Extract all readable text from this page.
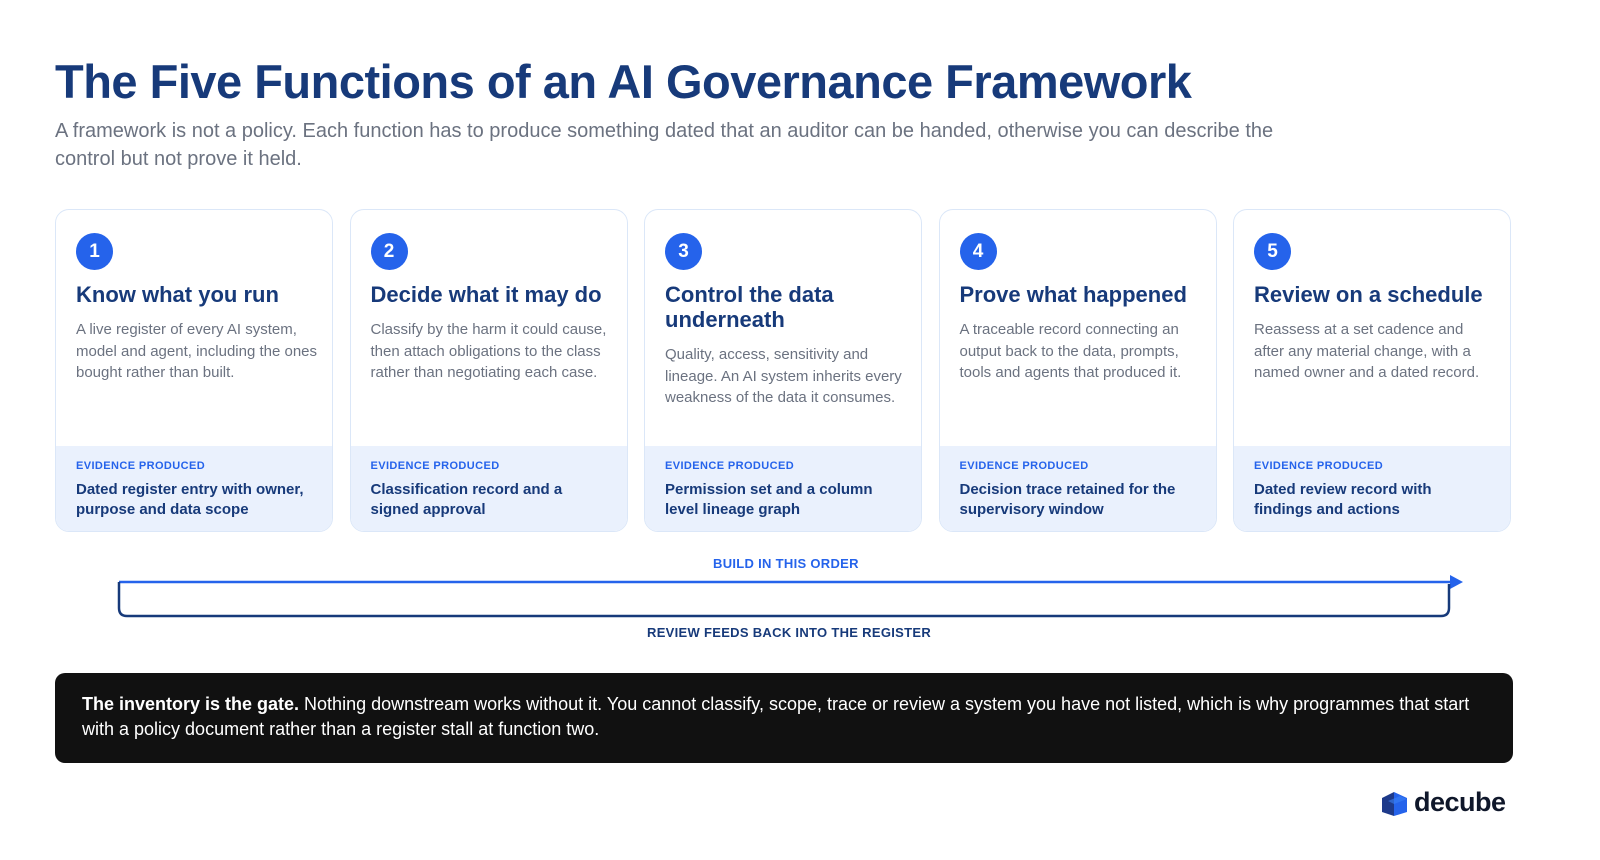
The Five Functions of an AI Governance Framework

A framework is not a policy. Each function has to produce something dated that an auditor can be handed, otherwise you can describe the control but not prove it held.

1
Know what you run

A live register of every AI system, model and agent, including the ones bought rather than built.

EVIDENCE PRODUCED
Dated register entry with owner, purpose and data scope
2
Decide what it may do

Classify by the harm it could cause, then attach obligations to the class rather than negotiating each case.

EVIDENCE PRODUCED
Classification record and a signed approval
3
Control the data underneath

Quality, access, sensitivity and lineage. An AI system inherits every weakness of the data it consumes.

EVIDENCE PRODUCED
Permission set and a column level lineage graph
4
Prove what happened

A traceable record connecting an output back to the data, prompts, tools and agents that produced it.

EVIDENCE PRODUCED
Decision trace retained for the supervisory window
5
Review on a schedule

Reassess at a set cadence and after any material change, with a named owner and a dated record.

EVIDENCE PRODUCED
Dated review record with findings and actions
BUILD IN THIS ORDER
REVIEW FEEDS BACK INTO THE REGISTER
The inventory is the gate. Nothing downstream works without it. You cannot classify, scope, trace or review a system you have not listed, which is why programmes that start with a policy document rather than a register stall at function two.
decube
